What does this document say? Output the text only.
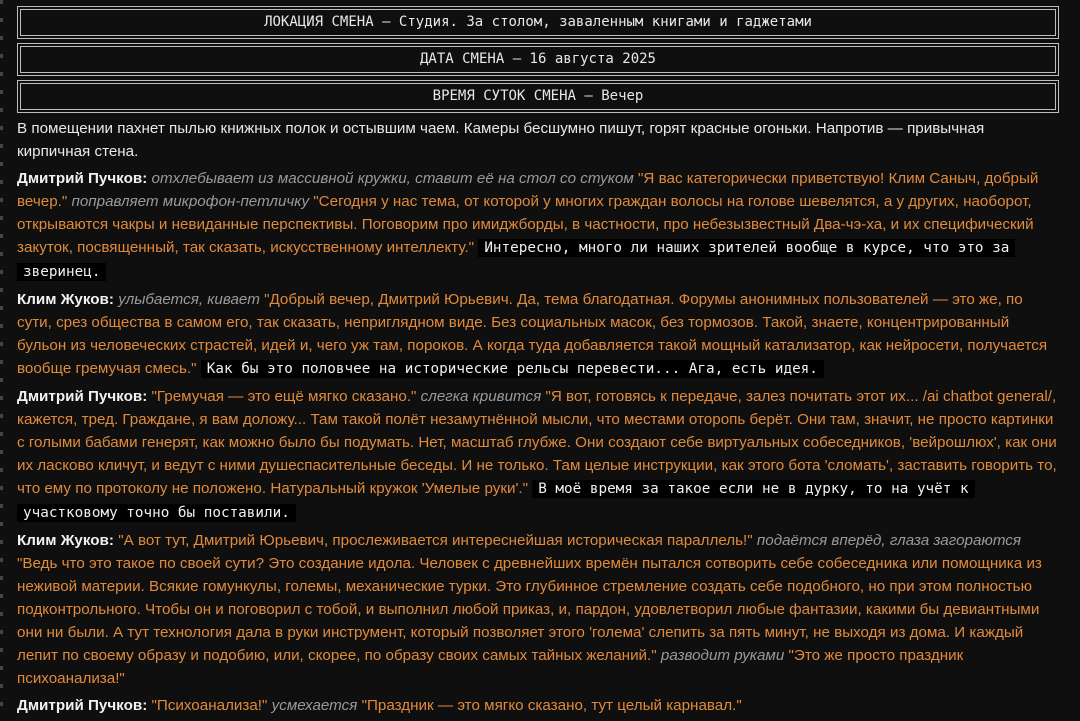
ЛОКАЦИЯ СМЕНА – Студия. За столом, заваленным книгами и гаджетами
ДАТА СМЕНА – 16 августа 2025
ВРЕМЯ СУТОК СМЕНА – Вечер

В помещении пахнет пылью книжных полок и остывшим чаем. Камеры бесшумно пишут, горят красные огоньки. Напротив — привычная кирпичная стена.

Дмитрий Пучков: отхлебывает из массивной кружки, ставит её на стол со стуком "Я вас категорически приветствую! Клим Саныч, добрый вечер." поправляет микрофон-петличку "Сегодня у нас тема, от которой у многих граждан волосы на голове шевелятся, а у других, наоборот, открываются чакры и невиданные перспективы. Поговорим про имиджборды, в частности, про небезызвестный Два-чэ-ха, и их специфический закуток, посвященный, так сказать, искусственному интеллекту." Интересно, много ли наших зрителей вообще в курсе, что это за зверинец.

Клим Жуков: улыбается, кивает "Добрый вечер, Дмитрий Юрьевич. Да, тема благодатная. Форумы анонимных пользователей — это же, по сути, срез общества в самом его, так сказать, неприглядном виде. Без социальных масок, без тормозов. Такой, знаете, концентрированный бульон из человеческих страстей, идей и, чего уж там, пороков. А когда туда добавляется такой мощный катализатор, как нейросети, получается вообще гремучая смесь." Как бы это половчее на исторические рельсы перевести... Ага, есть идея.

Дмитрий Пучков: "Гремучая — это ещё мягко сказано." слегка кривится "Я вот, готовясь к передаче, залез почитать этот их... /ai chatbot general/, кажется, тред. Граждане, я вам доложу... Там такой полёт незамутнённой мысли, что местами оторопь берёт. Они там, значит, не просто картинки с голыми бабами генерят, как можно было бы подумать. Нет, масштаб глубже. Они создают себе виртуальных собеседников, 'вейрошлюх', как они их ласково кличут, и ведут с ними душеспасительные беседы. И не только. Там целые инструкции, как этого бота 'сломать', заставить говорить то, что ему по протоколу не положено. Натуральный кружок 'Умелые руки'." В моё время за такое если не в дурку, то на учёт к участковому точно бы поставили.

Клим Жуков: "А вот тут, Дмитрий Юрьевич, прослеживается интереснейшая историческая параллель!" подаётся вперёд, глаза загораются "Ведь что это такое по своей сути? Это создание идола. Человек с древнейших времён пытался сотворить себе собеседника или помощника из неживой материи. Всякие гомункулы, големы, механические турки. Это глубинное стремление создать себе подобного, но при этом полностью подконтрольного. Чтобы он и поговорил с тобой, и выполнил любой приказ, и, пардон, удовлетворил любые фантазии, какими бы девиантными они ни были. А тут технология дала в руки инструмент, который позволяет этого 'голема' слепить за пять минут, не выходя из дома. И каждый лепит по своему образу и подобию, или, скорее, по образу своих самых тайных желаний." разводит руками "Это же просто праздник психоанализа!"

Дмитрий Пучков: "Психоанализа!" усмехается "Праздник — это мягко сказано, тут целый карнавал."
